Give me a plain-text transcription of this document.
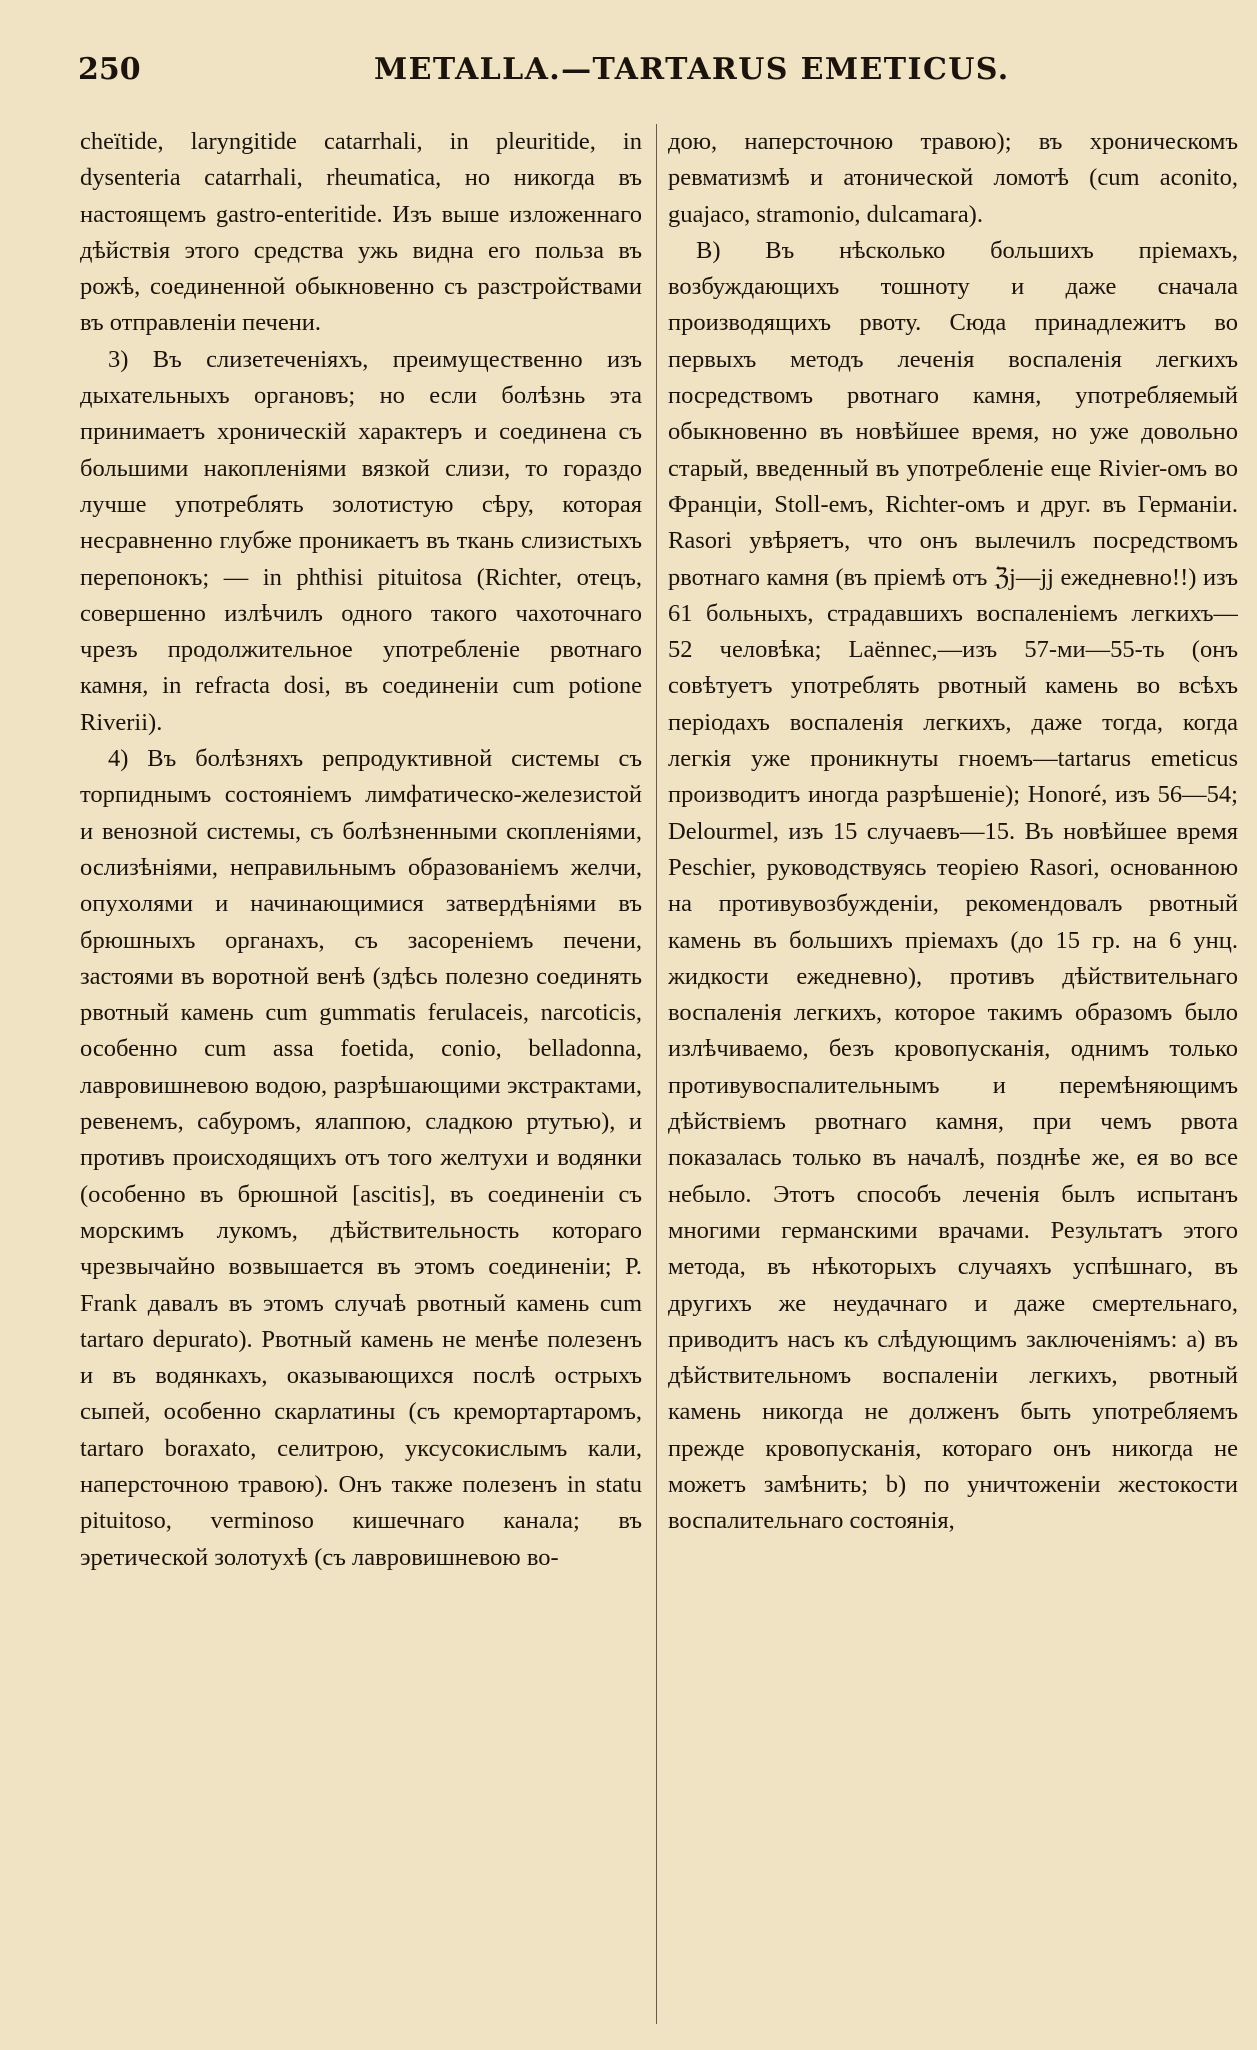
250	METALLA.—TARTARUS EMETICUS.

cheïtide, laryngitide catarrhali, in pleuritide, in dysenteria catarrhali, rheumatica, но никогда въ настоящемъ gastro-enteritide. Изъ выше изложеннаго дѣйствія этого средства ужь видна его польза въ рожѣ, соединенной обыкновенно съ разстройствами въ отправленіи печени.

3) Въ слизетеченіяхъ, преимущественно изъ дыхательныхъ органовъ; но если болѣзнь эта принимаетъ хроническій характеръ и соединена съ большими накопленіями вязкой слизи, то гораздо лучше употреблять золотистую сѣру, которая несравненно глубже проникаетъ въ ткань слизистыхъ перепонокъ; — in phthisi pituitosa (Richter, отецъ, совершенно излѣчилъ одного такого чахоточнаго чрезъ продолжительное употребленіе рвотнаго камня, in refracta dosi, въ соединеніи cum potione Riverii).

4) Въ болѣзняхъ репродуктивной системы съ торпиднымъ состояніемъ лимфатическо-железистой и венозной системы, съ болѣзненными скопленіями, ослизѣніями, неправильнымъ образованіемъ желчи, опухолями и начинающимися затвердѣніями въ брюшныхъ органахъ, съ засореніемъ печени, застоями въ воротной венѣ (здѣсь полезно соединять рвотный камень cum gummatis ferulaceis, narcoticis, особенно cum assa foetida, conio, belladonna, лавровишневою водою, разрѣшающими экстрактами, ревенемъ, сабуромъ, ялаппою, сладкою ртутью), и противъ происходящихъ отъ того желтухи и водянки (особенно въ брюшной [ascitis], въ соединеніи съ морскимъ лукомъ, дѣйствительность котораго чрезвычайно возвышается въ этомъ соединеніи; P. Frank давалъ въ этомъ случаѣ рвотный камень cum tartaro depurato). Рвотный камень не менѣе полезенъ и въ водянкахъ, оказывающихся послѣ острыхъ сыпей, особенно скарлатины (съ кремортартаромъ, tartaro boraxato, селитрою, уксусокислымъ кали, наперсточною травою). Онъ также полезенъ in statu pituitoso, verminoso кишечнаго канала; въ эретической золотухѣ (съ лавровишневою во-

дою, наперсточною травою); въ хроническомъ ревматизмѣ и атонической ломотѣ (cum aconito, guajaco, stramonio, dulcamara).

B) Въ нѣсколько большихъ пріемахъ, возбуждающихъ тошноту и даже сначала производящихъ рвоту. Сюда принадлежитъ во первыхъ методъ леченія воспаленія легкихъ посредствомъ рвотнаго камня, употребляемый обыкновенно въ новѣйшее время, но уже довольно старый, введенный въ употребленіе еще Rivier-омъ во Франціи, Stoll-емъ, Richter-омъ и друг. въ Германіи. Rasori увѣряетъ, что онъ вылечилъ посредствомъ рвотнаго камня (въ пріемѣ отъ ℨj—jj ежедневно!!) изъ 61 больныхъ, страдавшихъ воспаленіемъ легкихъ— 52 человѣка; Laënnec,—изъ 57-ми—55-ть (онъ совѣтуетъ употреблять рвотный камень во всѣхъ періодахъ воспаленія легкихъ, даже тогда, когда легкія уже проникнуты гноемъ—tartarus emeticus производитъ иногда разрѣшеніе); Honoré, изъ 56—54; Delourmel, изъ 15 случаевъ—15. Въ новѣйшее время Peschier, руководствуясь теоріею Rasori, основанною на противувозбужденіи, рекомендовалъ рвотный камень въ большихъ пріемахъ (до 15 гр. на 6 унц. жидкости ежедневно), противъ дѣйствительнаго воспаленія легкихъ, которое такимъ образомъ было излѣчиваемо, безъ кровопусканія, однимъ только противувоспалительнымъ и перемѣняющимъ дѣйствіемъ рвотнаго камня, при чемъ рвота показалась только въ началѣ, позднѣе же, ея во все небыло. Этотъ способъ леченія былъ испытанъ многими германскими врачами. Результатъ этого метода, въ нѣкоторыхъ случаяхъ успѣшнаго, въ другихъ же неудачнаго и даже смертельнаго, приводитъ насъ къ слѣдующимъ заключеніямъ: a) въ дѣйствительномъ воспаленіи легкихъ, рвотный камень никогда не долженъ быть употребляемъ прежде кровопусканія, котораго онъ никогда не можетъ замѣнить; b) по уничтоженіи жестокости воспалительнаго состоянія,
